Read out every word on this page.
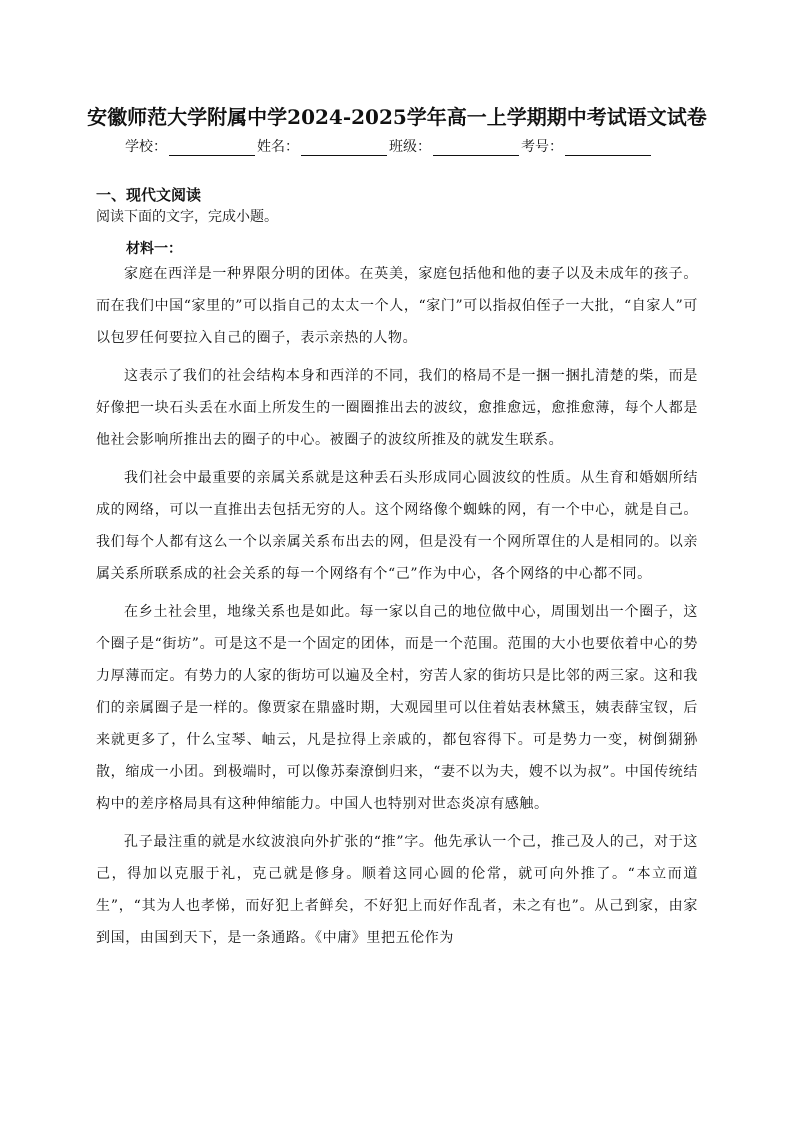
安徽师范大学附属中学2024-2025学年高一上学期期中考试语文试卷
学校：	姓名：	班级：	考号：
一、现代文阅读
阅读下面的文字，完成小题。
材料一：

家庭在西洋是一种界限分明的团体。在英美，家庭包括他和他的妻子以及未成年的孩子。而在我们中国“家里的”可以指自己的太太一个人，“家门”可以指叔伯侄子一大批，“自家人”可以包罗任何要拉入自己的圈子，表示亲热的人物。

这表示了我们的社会结构本身和西洋的不同，我们的格局不是一捆一捆扎清楚的柴，而是好像把一块石头丢在水面上所发生的一圈圈推出去的波纹，愈推愈远，愈推愈薄，每个人都是他社会影响所推出去的圈子的中心。被圈子的波纹所推及的就发生联系。

我们社会中最重要的亲属关系就是这种丢石头形成同心圆波纹的性质。从生育和婚姻所结成的网络，可以一直推出去包括无穷的人。这个网络像个蜘蛛的网，有一个中心，就是自己。我们每个人都有这么一个以亲属关系布出去的网，但是没有一个网所罩住的人是相同的。以亲属关系所联系成的社会关系的每一个网络有个“己”作为中心，各个网络的中心都不同。

在乡土社会里，地缘关系也是如此。每一家以自己的地位做中心，周围划出一个圈子，这个圈子是“街坊”。可是这不是一个固定的团体，而是一个范围。范围的大小也要依着中心的势力厚薄而定。有势力的人家的街坊可以遍及全村，穷苦人家的街坊只是比邻的两三家。这和我们的亲属圈子是一样的。像贾家在鼎盛时期，大观园里可以住着姑表林黛玉，姨表薛宝钗，后来就更多了，什么宝琴、岫云，凡是拉得上亲戚的，都包容得下。可是势力一变，树倒猢狲散，缩成一小团。到极端时，可以像苏秦潦倒归来，“妻不以为夫，嫂不以为叔”。中国传统结构中的差序格局具有这种伸缩能力。中国人也特别对世态炎凉有感触。

孔子最注重的就是水纹波浪向外扩张的“推”字。他先承认一个己，推己及人的己，对于这己，得加以克服于礼，克己就是修身。顺着这同心圆的伦常，就可向外推了。“本立而道生”，“其为人也孝悌，而好犯上者鲜矣，不好犯上而好作乱者，未之有也”。从己到家，由家到国，由国到天下，是一条通路。《中庸》里把五伦作为
